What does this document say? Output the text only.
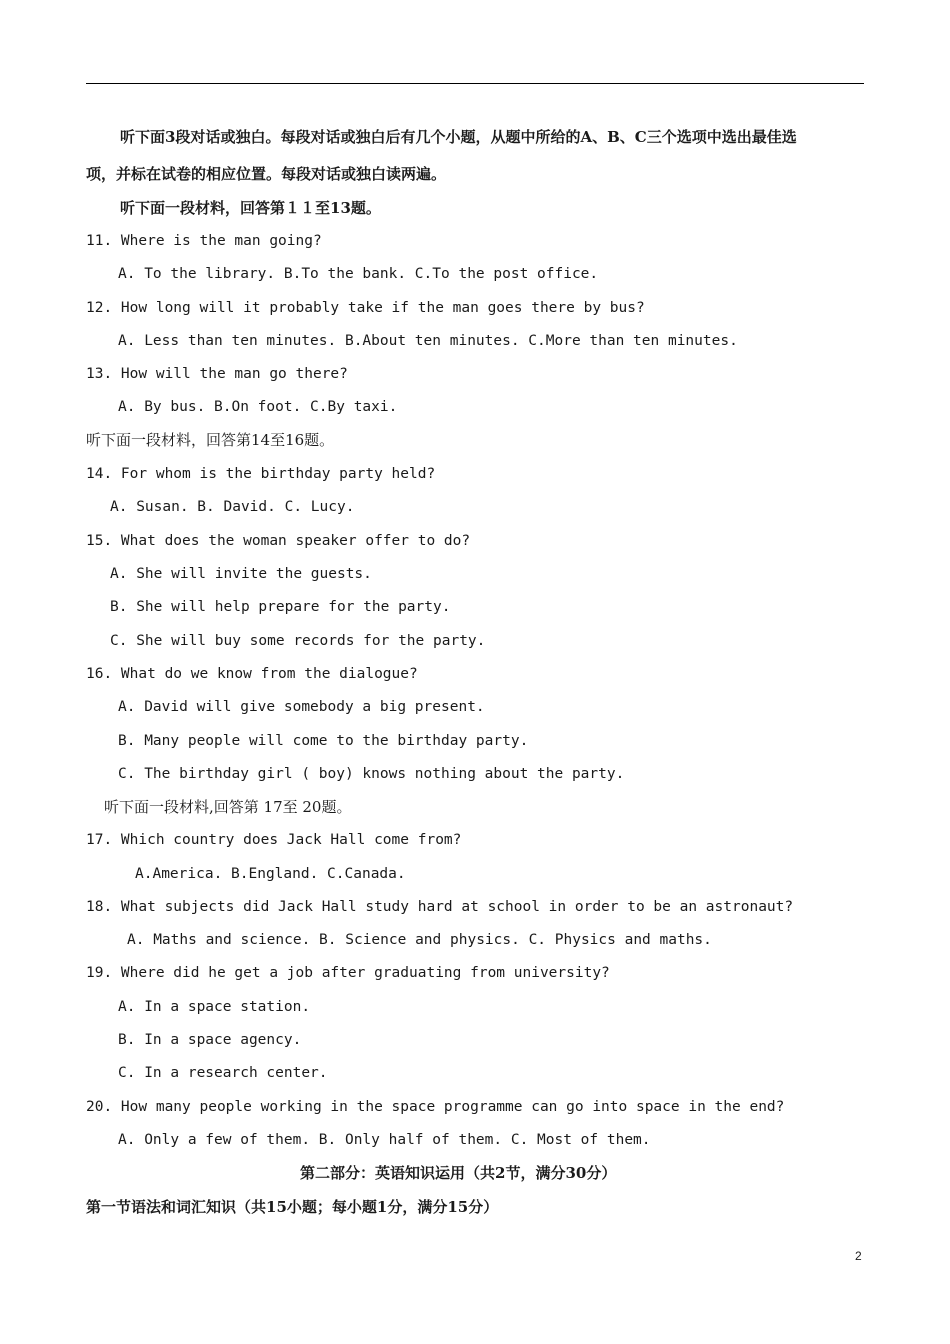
听下面3段对话或独白。每段对话或独白后有几个小题，从题中所给的A、B、C三个选项中选出最佳选
项，并标在试卷的相应位置。每段对话或独白读两遍。
听下面一段材料，回答第１１至13题。
11. Where is the man going?
A. To the library. B.To the bank. C.To the post office.
12. How long will it probably take if the man goes there by bus?
A. Less than ten minutes. B.About ten minutes. C.More than ten minutes.
13. How will the man go there?
A. By bus. B.On foot. C.By taxi.
听下面一段材料，回答第14至16题。
14. For whom is the birthday party held?
A. Susan. B. David. C. Lucy.
15. What does the woman speaker offer to do?
A. She will invite the guests.
B. She will help prepare for the party.
C. She will buy some records for the party.
16. What do we know from the dialogue?
A. David will give somebody a big present.
B. Many people will come to the birthday party.
C. The birthday girl ( boy) knows nothing about the party.
听下面一段材料,回答第 17至 20题。
17. Which country does Jack Hall come from?
A.America. B.England. C.Canada.
18. What subjects did Jack Hall study hard at school in order to be an astronaut?
A. Maths and science. B. Science and physics. C. Physics and maths.
19. Where did he get a job after graduating from university?
A. In a space station.
B. In a space agency.
C. In a research center.
20. How many people working in the space programme can go into space in the end?
A. Only a few of them. B. Only half of them. C. Most of them.
第二部分：英语知识运用（共2节，满分30分）
第一节语法和词汇知识（共15小题；每小题1分，满分15分）
2
